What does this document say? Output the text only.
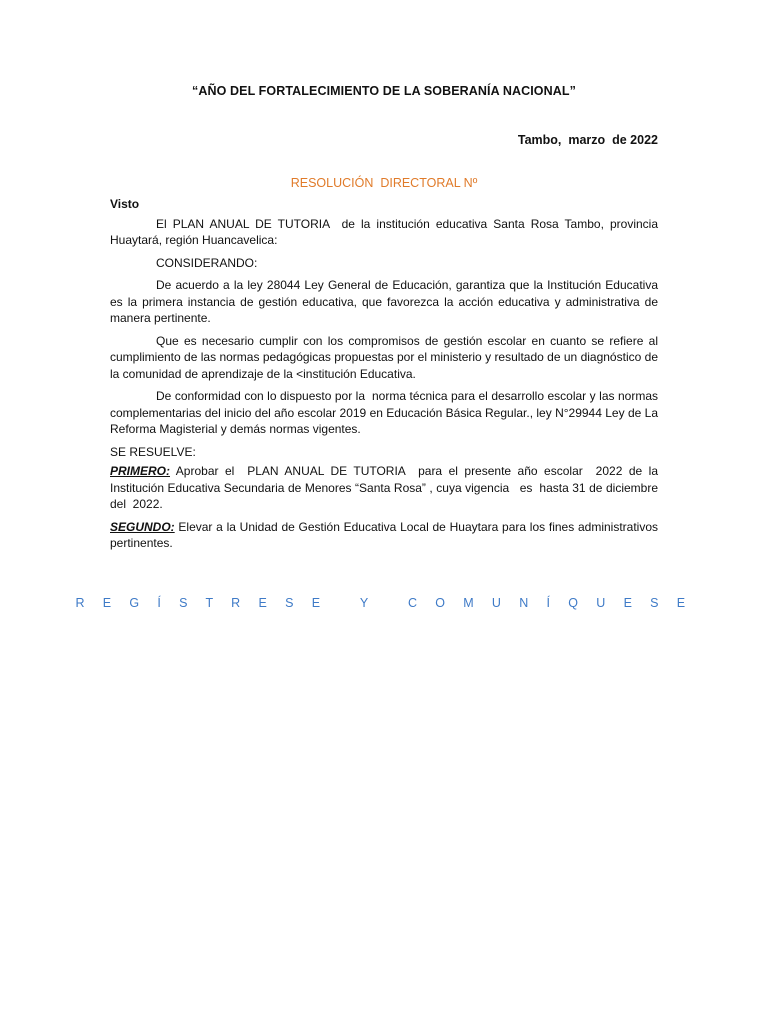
“AÑO DEL FORTALECIMIENTO DE LA SOBERANÍA NACIONAL”
Tambo,  marzo  de 2022
RESOLUCIÓN  DIRECTORAL Nº
Visto

El PLAN ANUAL DE TUTORIA  de la institución educativa Santa Rosa Tambo, provincia Huaytará, región Huancavelica:

CONSIDERANDO:

De acuerdo a la ley 28044 Ley General de Educación, garantiza que la Institución Educativa es la primera instancia de gestión educativa, que favorezca la acción educativa y administrativa de manera pertinente.

Que es necesario cumplir con los compromisos de gestión escolar en cuanto se refiere al cumplimiento de las normas pedagógicas propuestas por el ministerio y resultado de un diagnóstico de la comunidad de aprendizaje de la <institución Educativa.

De conformidad con lo dispuesto por la  norma técnica para el desarrollo escolar y las normas complementarias del inicio del año escolar 2019 en Educación Básica Regular., ley N°29944 Ley de La Reforma Magisterial y demás normas vigentes.

SE RESUELVE:

PRIMERO: Aprobar el  PLAN ANUAL DE TUTORIA  para el presente año escolar  2022 de la Institución Educativa Secundaria de Menores “Santa Rosa” , cuya vigencia   es  hasta 31 de diciembre del  2022.

SEGUNDO: Elevar a la Unidad de Gestión Educativa Local de Huaytara para los fines administrativos pertinentes.

R E G Í S T R E S E   Y   C O M U N Í Q U E S E
